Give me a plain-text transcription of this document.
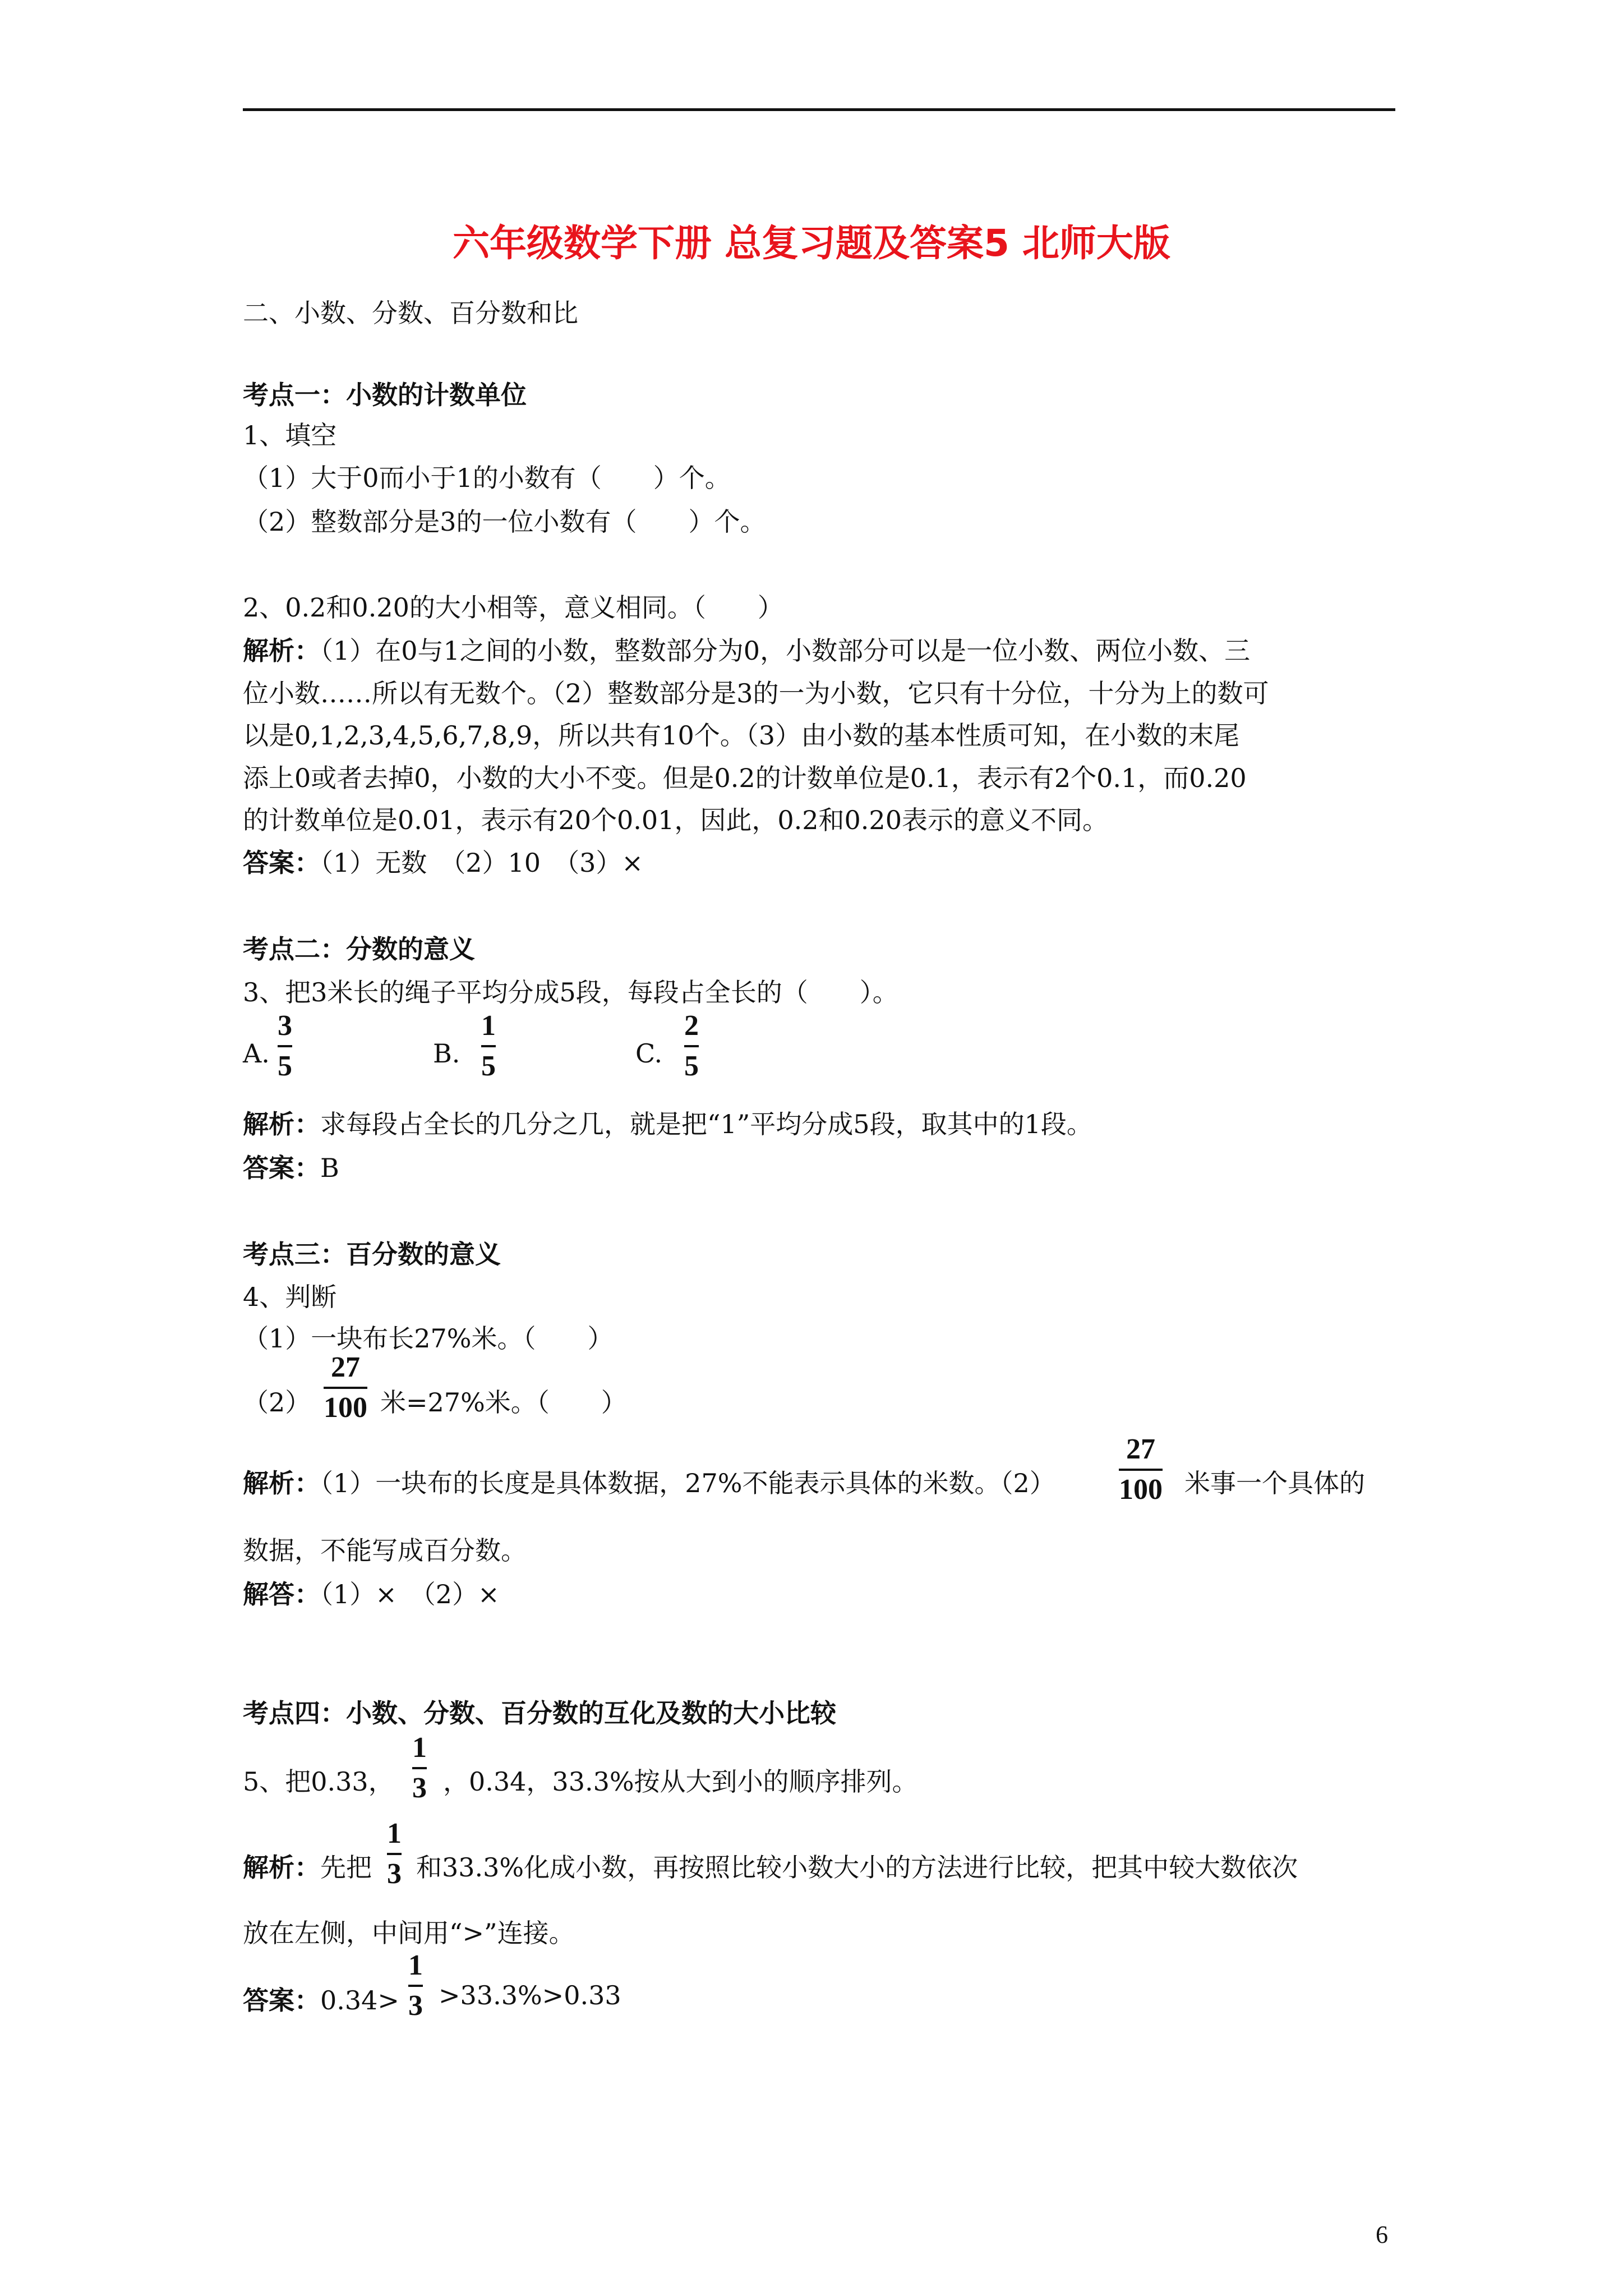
六年级数学下册 总复习题及答案5 北师大版
二、小数、分数、百分数和比
考点一：小数的计数单位
1、填空
（1）大于0而小于1的小数有（　　）个。
（2）整数部分是3的一位小数有（　　）个。
2、0.2和0.20的大小相等，意义相同。（　　）
解析：（1）在0与1之间的小数，整数部分为0，小数部分可以是一位小数、两位小数、三
位小数……所以有无数个。（2）整数部分是3的一为小数，它只有十分位，十分为上的数可
以是0,1,2,3,4,5,6,7,8,9，所以共有10个。（3）由小数的基本性质可知，在小数的末尾
添上0或者去掉0，小数的大小不变。但是0.2的计数单位是0.1，表示有2个0.1，而0.20
的计数单位是0.01，表示有20个0.01，因此，0.2和0.20表示的意义不同。
答案：（1）无数　（2）10　（3）×
考点二：分数的意义
3、把3米长的绳子平均分成5段，每段占全长的（　　）。
A.
3
5	B.
1
5	C.
2
5
解析：求每段占全长的几分之几，就是把“1”平均分成5段，取其中的1段。
答案：B
考点三：百分数的意义
4、判断
（1）一块布长27%米。（　　）
（2）
27
100 米=27%米。（　　）
解析：（1）一块布的长度是具体数据，27%不能表示具体的米数。（2）
27
100 米事一个具体的
数据，不能写成百分数。
解答：（1）×　（2）×
考点四：小数、分数、百分数的互化及数的大小比较
5、把0.33，
1
3 ，0.34，33.3%按从大到小的顺序排列。
解析：先把
1
3 和33.3%化成小数，再按照比较小数大小的方法进行比较，把其中较大数依次
放在左侧，中间用“>”连接。
答案：0.34>
1
3 >33.3%>0.33
6
